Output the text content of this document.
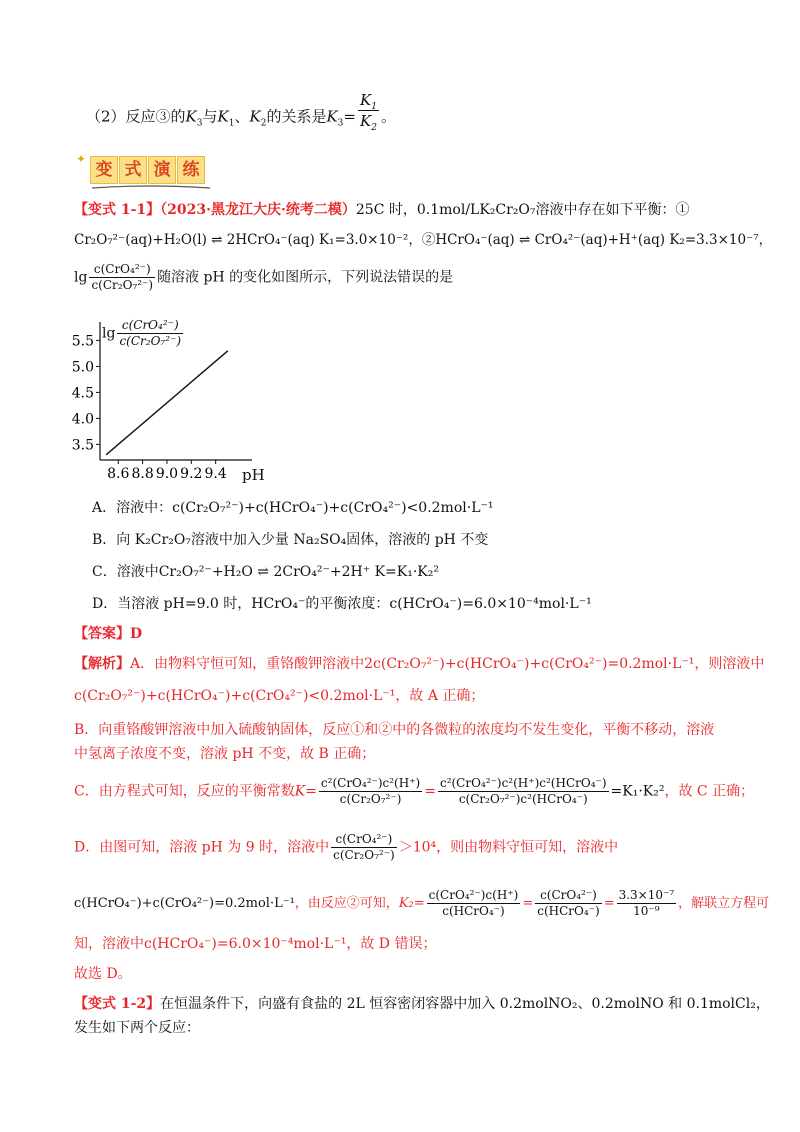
（2）反应③的$K_3$与$K_1$、$K_2$的关系是$K_3= \frac{K_1}{K_2}$ 。
✦
变 式 演 练
【变式 1-1】（2023·黑龙江大庆·统考二模）25C 时，0.1mol/LK₂Cr₂O₇溶液中存在如下平衡：①
Cr₂O₇²⁻(aq)+H₂O(l) ⇌ 2HCrO₄⁻(aq) K₁=3.0×10⁻²，②HCrO₄⁻(aq) ⇌ CrO₄²⁻(aq)+H⁺(aq) K₂=3.3×10⁻⁷，
$\lg \frac{\text{c(CrO₄²⁻)}}{\text{c(Cr₂O₇²⁻)}}$ 随溶液 pH 的变化如图所示，下列说法错误的是
8.6 8.8 9.0 9.2 9.4
3.5
4.0
4.5
5.0
5.5 $\lg \frac{\text{c(CrO₄²⁻)}}{\text{c(Cr₂O₇²⁻)}}$
pH
A．溶液中：c(Cr₂O₇²⁻)+c(HCrO₄⁻)+c(CrO₄²⁻)<0.2mol·L⁻¹
B．向 K₂Cr₂O₇溶液中加入少量 Na₂SO₄固体，溶液的 pH 不变
C．溶液中Cr₂O₇²⁻+H₂O ⇌ 2CrO₄²⁻+2H⁺ K=K₁·K₂²
D．当溶液 pH=9.0 时，HCrO₄⁻的平衡浓度：c(HCrO₄⁻)=6.0×10⁻⁴mol·L⁻¹
【答案】D
【解析】A．由物料守恒可知，重铬酸钾溶液中2c(Cr₂O₇²⁻)+c(HCrO₄⁻)+c(CrO₄²⁻)=0.2mol·L⁻¹，则溶液中
c(Cr₂O₇²⁻)+c(HCrO₄⁻)+c(CrO₄²⁻)<0.2mol·L⁻¹，故 A 正确；
B．向重铬酸钾溶液中加入硫酸钠固体，反应①和②中的各微粒的浓度均不发生变化，平衡不移动，溶液
中氢离子浓度不变，溶液 pH 不变，故 B 正确；
C．由方程式可知，反应的平衡常数$K= \frac{\text{c²(CrO₄²⁻)c²(H⁺)}}{\text{c(Cr₂O₇²⁻)}} = \frac{\text{c²(CrO₄²⁻)c²(H⁺)c²(HCrO₄⁻)}}{\text{c(Cr₂O₇²⁻)c²(HCrO₄⁻)}} =K_1\cdot K_2^2$，故 C 正确；
D．由图可知，溶液 pH 为 9 时，溶液中 $\frac{\text{c(CrO₄²⁻)}}{\text{c(Cr₂O₇²⁻)}} >10^4$，则由物料守恒可知，溶液中
c(HCrO₄⁻)+c(CrO₄²⁻)=0.2mol·L⁻¹，由反应②可知，$K_2= \frac{\text{c(CrO₄²⁻)c(H⁺)}}{\text{c(HCrO₄⁻)}} = \frac{\text{c(CrO₄²⁻)}}{\text{c(HCrO₄⁻)}} = \frac{\text{3.3×10⁻⁷}}{\text{10⁻⁹}}$ ，解联立方程可
知，溶液中c(HCrO₄⁻)=6.0×10⁻⁴mol·L⁻¹，故 D 错误；
故选 D。
【变式 1-2】在恒温条件下，向盛有食盐的 2L 恒容密闭容器中加入 0.2molNO₂、0.2molNO 和 0.1molCl₂，
发生如下两个反应：
